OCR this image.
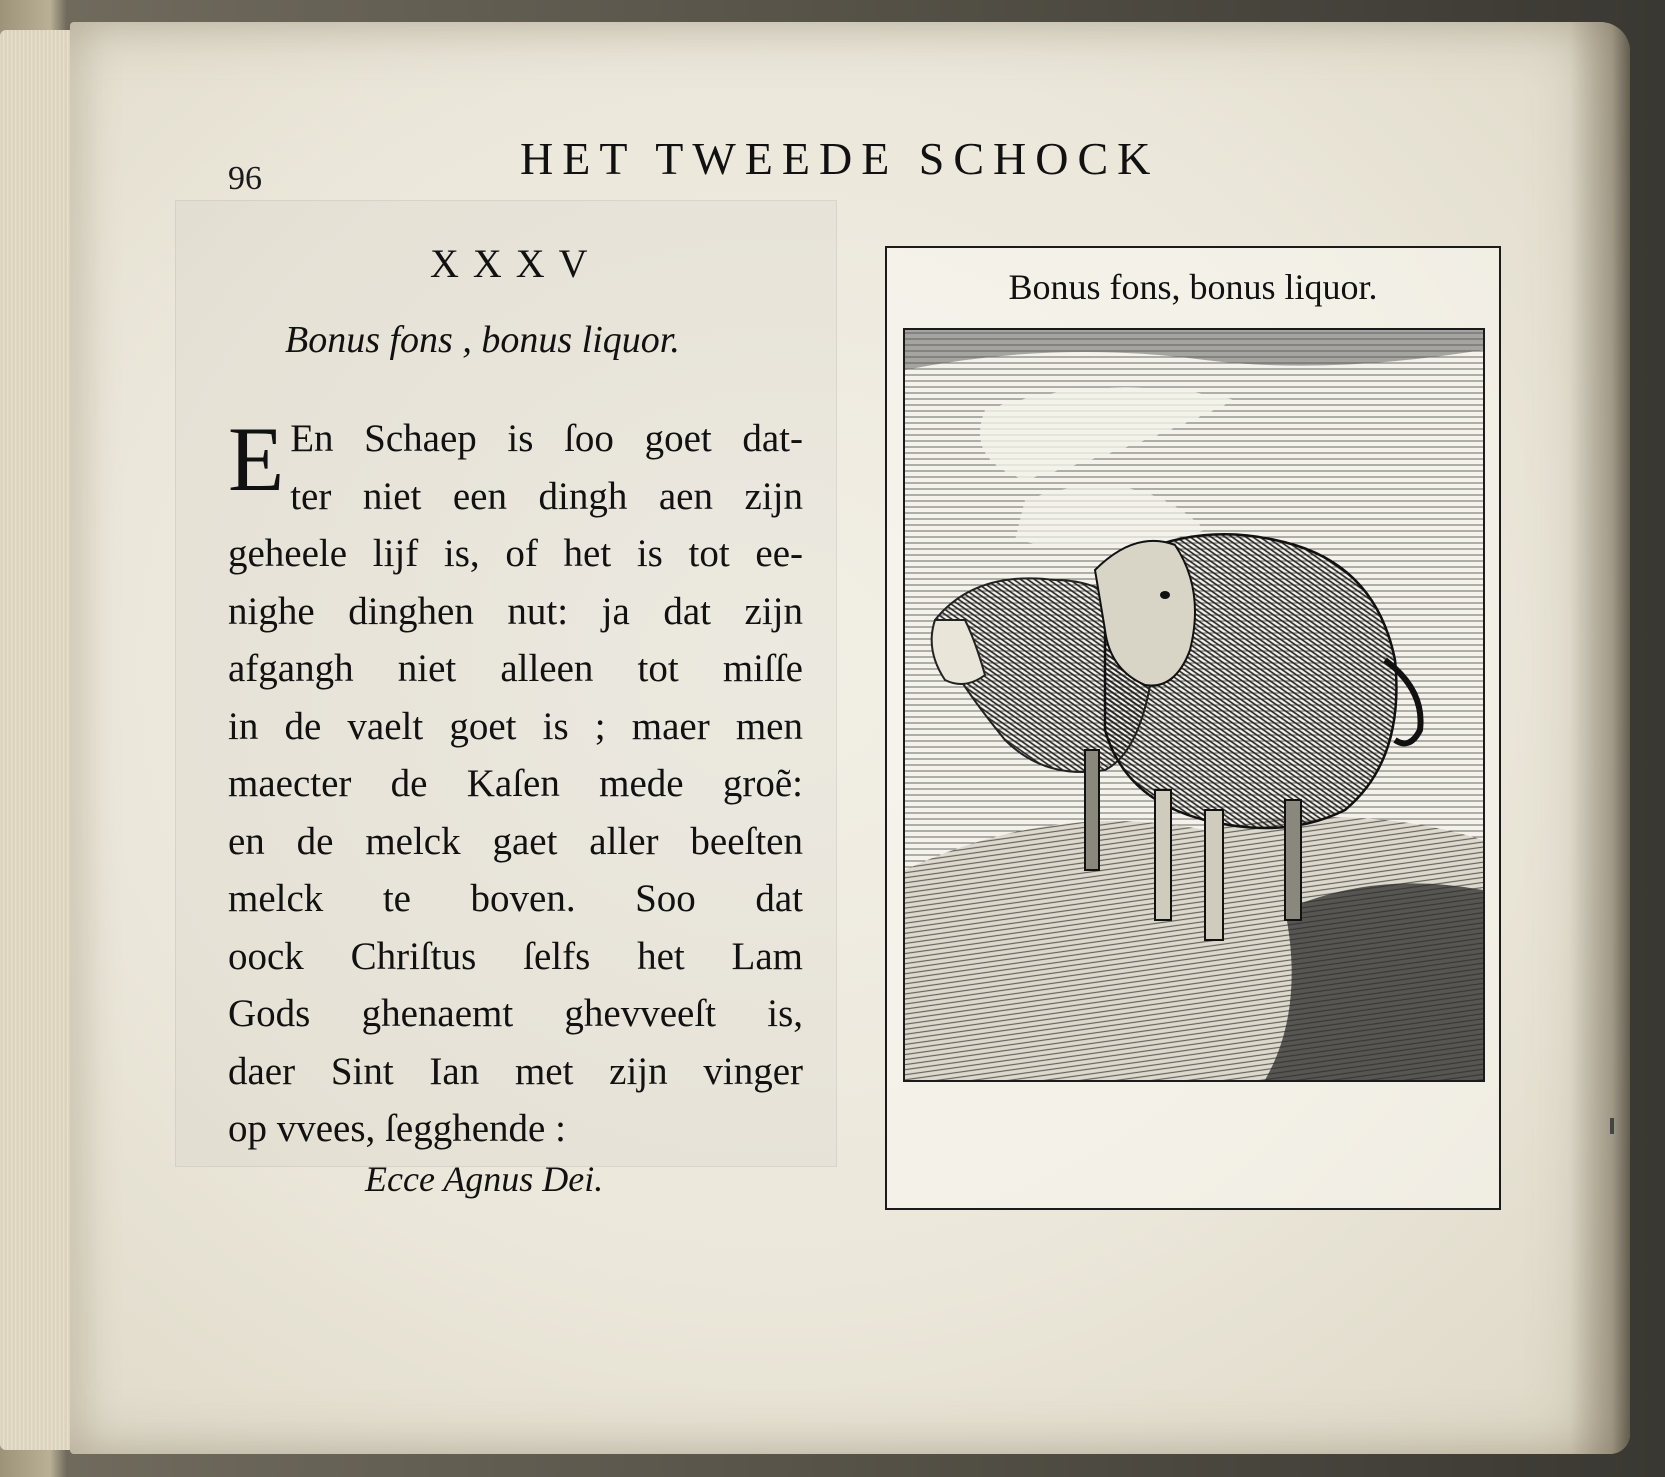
96	HET TWEEDE SCHOCK
XXXV
Bonus fons , bonus liquor.
E En Schaep is ſoo goet dat-
ter niet een dingh aen zijn
geheele lijf is, of het is tot ee-
nighe dinghen nut: ja dat zijn
afgangh niet alleen tot miſſe
in de vaelt goet is ; maer men
maecter de Kaſen mede groẽ:
en de melck gaet aller beeſten
melck te boven. Soo dat
oock Chriſtus ſelfs het Lam
Gods ghenaemt ghevveeſt is,
daer Sint Ian met zijn vinger
op vvees, ſegghende :
Ecce Agnus Dei.
Bonus fons, bonus liquor.
